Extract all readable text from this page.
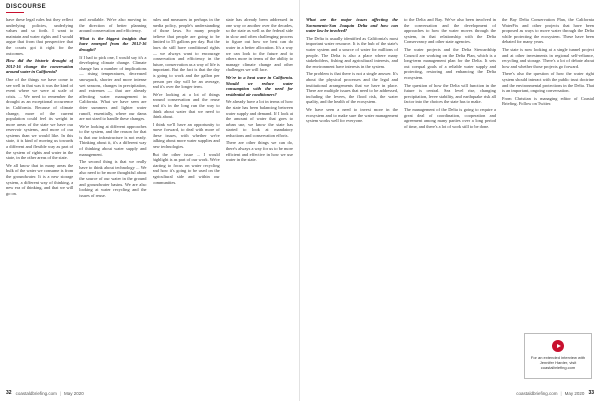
DISCOURSE

have these legal rules but they reflect underlying policies, underlying values and so forth. I want to maintain and water rights and I would argue that from that perspective that the courts got it right for the outcomes.

How did the historic drought of 2012-16 change the conversation around water in California?

One of the things we have come to see well in that was it was the kind of event where we were at scale of crisis. ... We need to remember the drought as an exceptional occurrence in California. Because of climate change, more of the current population could feel its weight in more areas of the state we have our reservoir systems, and more of our systems than we would like. In this state, it is kind of moving us towards a different and flexible way as part of the system of rights and water in the state, in the other areas of the state.

We all know that in many areas the bulk of the water we consume is from the groundwater. It is a new storage system, a different way of thinking, a new era of thinking, and that we will go on.

and available. We're also moving in the direction of better planning around conservation and efficiency.

What is the biggest insights that have emerged from the 2012-16 drought?

If I had to pick one, I would say it's a developing climate change. Climate change has a number of implications — rising temperatures, decreased snowpack, shorter and more intense wet seasons, changes in precipitation, and extremes — that are already affecting water management in California. What we have seen are drier summers and lighter water runoff, essentially, where our dams are not sized to handle these changes.

We're looking at different approaches to the system, and the reason for that is that our infrastructure is not ready. Thinking about it, it's a different way of thinking about water supply and management.

The second thing is that we really have to think about technology ... We also need to be more thoughtful about the source of our water in the ground and groundwater basins. We are also looking at water recycling and the issues of reuse.

rules and measures in perhaps in the media policy, people's understanding of those laws. So many people believe that people are going to be limited to 55 gallons per day. But the laws do still have conditional rights — we always want to encourage conservation and efficiency in the future, conservation as a way of life is important. But the fact is that the day is going to work and the gallon per person per day will be an average, and it's over the longer term.

We're looking at a lot of things around conservation and the reuse and it's in the long run the way to think about water that we need to think about.

I think we'll have an opportunity to move forward, to deal with more of these issues, with whether we're talking about more water supplies and new technologies.

But the other issue ... I would highlight is as part of our work. We're starting to focus on water recycling and how it's going to be used on the agricultural side and within our communities.

state has already been addressed in one way or another over the decades, so the state as well as the federal side in slow and often challenging process to figure out how we best can do water in a better allocation. It's a way we can look to the future and to others more in terms of the ability to manage climate change and other challenges we will face.

We're in a heat wave in California. Should we reduce water consumption with the need for residential air conditioners?

We already have a lot in terms of how the state has been balancing between water supply and demand. If I look at the amount of water that goes to urban use, we know the state has started to look at mandatory reductions and conservation efforts.

There are other things we can do, there's always a way for us to be more efficient and effective in how we use water in the state.

32 coastaldbriefing.com | May 2020

What are the major issues affecting the Sacramento-San Joaquin Delta and how can water law be involved?

The Delta is usually identified as California's most important water resource. It is the hub of the state's water system and a source of water for millions of people. The Delta is also a place where many stakeholders, fishing and agricultural interests, and the environment have interests in the system.

The problem is that there is not a single answer. It's about the physical processes and the legal and institutional arrangements that we have in place. There are multiple issues that need to be addressed, including the levees, the flood risk, the water quality, and the health of the ecosystem.

We have seen a need to invest more in the ecosystem and to make sure the water management system works well for everyone.

to the Delta and Bay. We've also been involved in the conversation and the development of approaches to how the water moves through the system, in that relationship with the Delta Conservancy and other state agencies.

The water projects and the Delta Stewardship Council are working on the Delta Plan, which is a long-term management plan for the Delta. It sets out coequal goals of a reliable water supply and protecting, restoring and enhancing the Delta ecosystem.

The question of how the Delta will function in the future is central. Sea level rise, changing precipitation, levee stability, and earthquake risk all factor into the choices the state has to make.

The management of the Delta is going to require a great deal of coordination, cooperation and agreement among many parties over a long period of time, and there's a lot of work still to be done.

the Bay Delta Conservation Plan, the California WaterFix and other projects that have been proposed as ways to move water through the Delta while protecting the ecosystem. These have been debated for many years.

The state is now looking at a single tunnel project and at other investments in regional self-reliance, recycling and storage. There's a lot of debate about how and whether those projects go forward.

There's also the question of how the water right system should interact with the public trust doctrine and the environmental protections in the Delta. That is an important, ongoing conversation.

From Christian is managing editor of Coastal Briefing. Follow on Twitter.

For an extended interview with Jennifer Harder, visit coastalbriefing.com
coastaldbriefing.com | May 2020 33
